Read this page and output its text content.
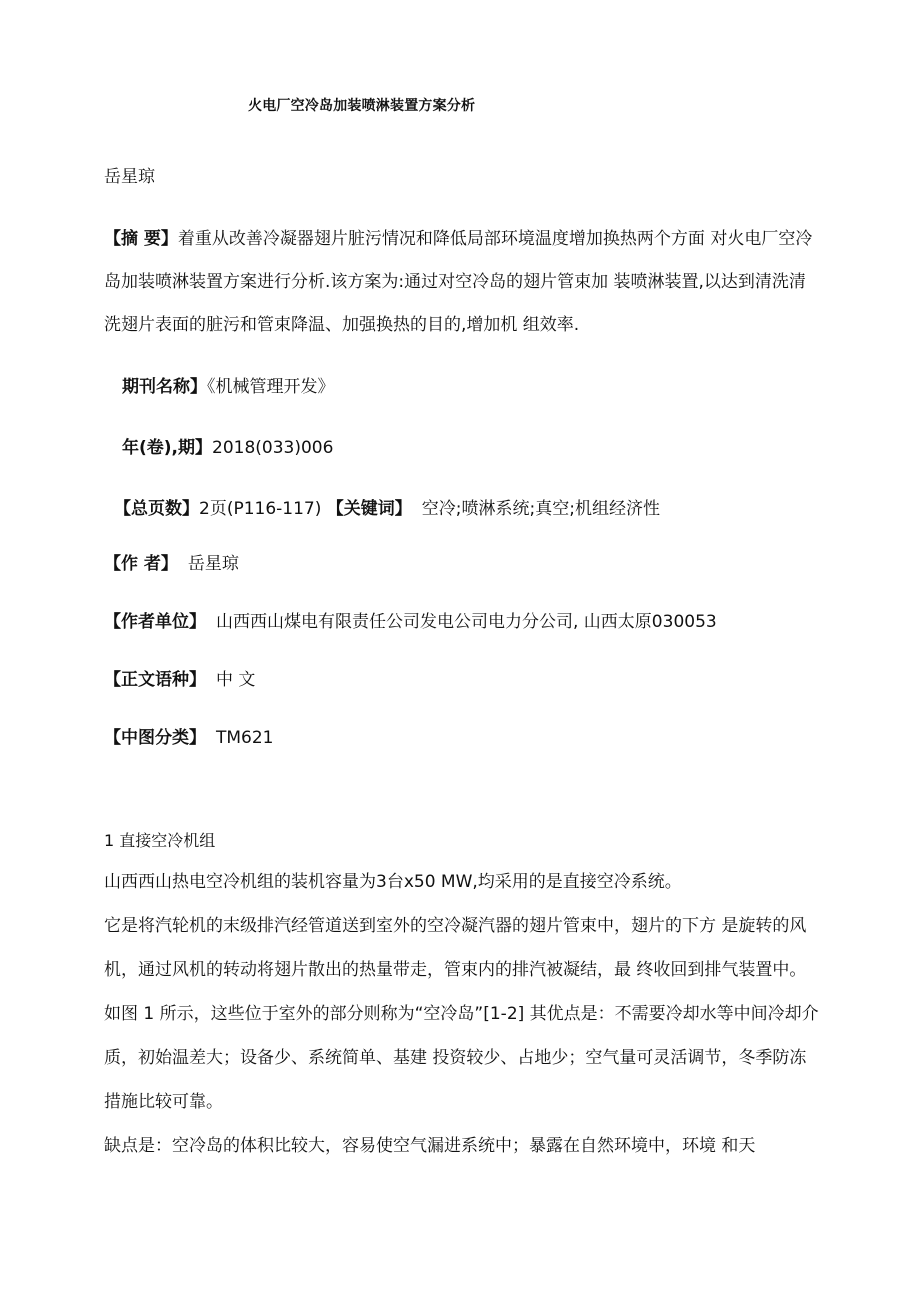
火电厂空冷岛加装喷淋装置方案分析
岳星琼
【摘 要】着重从改善冷凝器翅片脏污情况和降低局部环境温度增加换热两个方面 对火电厂空冷岛加装喷淋装置方案进行分析.该方案为:通过对空冷岛的翅片管束加 装喷淋装置,以达到清洗清洗翅片表面的脏污和管束降温、加强换热的目的,增加机 组效率.
期刊名称】《机械管理开发》
年(卷),期】2018(033)006
【总页数】2页(P116-117) 【关键词】 空冷;喷淋系统;真空;机组经济性
【作 者】 岳星琼
【作者单位】 山西西山煤电有限责任公司发电公司电力分公司, 山西太原030053
【正文语种】 中 文
【中图分类】 TM621
1 直接空冷机组
山西西山热电空冷机组的装机容量为3台x50 MW,均采用的是直接空冷系统。
它是将汽轮机的末级排汽经管道送到室外的空冷凝汽器的翅片管束中，翅片的下方 是旋转的风机，通过风机的转动将翅片散出的热量带走，管束内的排汽被凝结，最 终收回到排气装置中。如图 1 所示，这些位于室外的部分则称为“空冷岛”[1-2] 其优点是：不需要冷却水等中间冷却介质，初始温差大；设备少、系统简单、基建 投资较少、占地少；空气量可灵活调节，冬季防冻措施比较可靠。
缺点是：空冷岛的体积比较大，容易使空气漏进系统中；暴露在自然环境中，环境 和天
